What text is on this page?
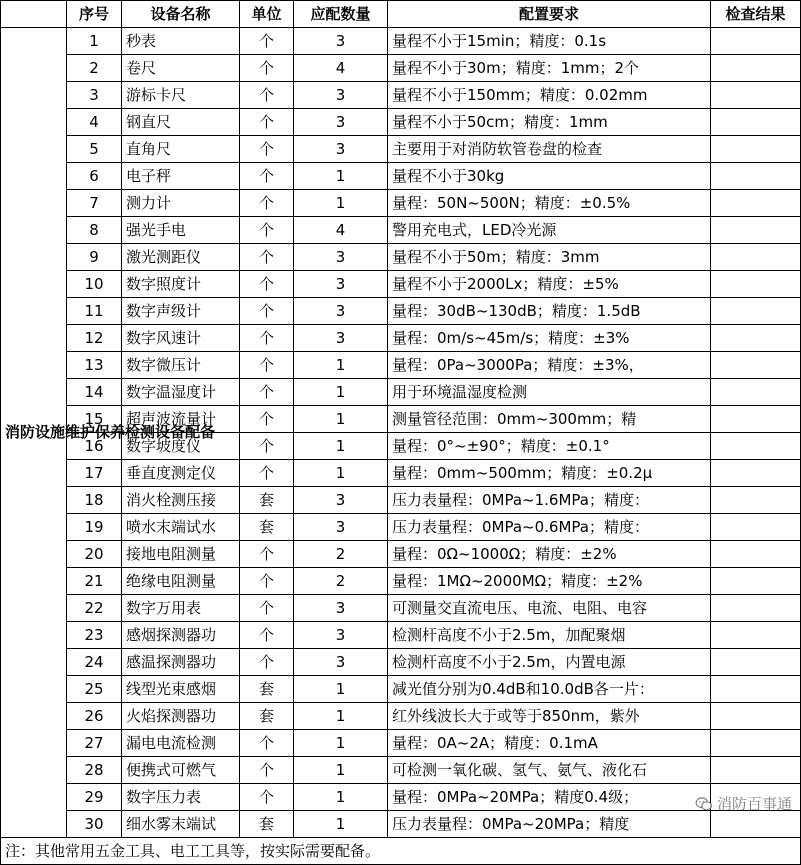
	序号	设备名称	单位	应配数量	配置要求	检查结果
消防设施维护保养检测设备配备	1	秒表	个	3	量程不小于15min；精度：0.1s	
	2	卷尺	个	4	量程不小于30m；精度：1mm；2个	
	3	游标卡尺	个	3	量程不小于150mm；精度：0.02mm	
	4	钢直尺	个	3	量程不小于50cm；精度：1mm	
	5	直角尺	个	3	主要用于对消防软管卷盘的检查	
	6	电子秤	个	1	量程不小于30kg	
	7	测力计	个	1	量程：50N~500N；精度：±0.5%	
	8	强光手电	个	4	警用充电式，LED冷光源	
	9	激光测距仪	个	3	量程不小于50m；精度：3mm	
	10	数字照度计	个	3	量程不小于2000Lx；精度：±5%	
	11	数字声级计	个	3	量程：30dB~130dB；精度：1.5dB	
	12	数字风速计	个	3	量程：0m/s~45m/s；精度：±3%	
	13	数字微压计	个	1	量程：0Pa~3000Pa；精度：±3%，	
	14	数字温湿度计	个	1	用于环境温湿度检测	
	15	超声波流量计	个	1	测量管径范围：0mm~300mm；精	
	16	数字坡度仪	个	1	量程：0°~±90°；精度：±0.1°	
	17	垂直度测定仪	个	1	量程：0mm~500mm；精度：±0.2μ	
	18	消火栓测压接	套	3	压力表量程：0MPa~1.6MPa；精度：	
	19	喷水末端试水	套	3	压力表量程：0MPa~0.6MPa；精度：	
	20	接地电阻测量	个	2	量程：0Ω~1000Ω；精度：±2%	
	21	绝缘电阻测量	个	2	量程：1MΩ~2000MΩ；精度：±2%	
	22	数字万用表	个	3	可测量交直流电压、电流、电阻、电容	
	23	感烟探测器功	个	3	检测杆高度不小于2.5m，加配聚烟	
	24	感温探测器功	个	3	检测杆高度不小于2.5m，内置电源	
	25	线型光束感烟	套	1	减光值分别为0.4dB和10.0dB各一片：	
	26	火焰探测器功	套	1	红外线波长大于或等于850nm，紫外	
	27	漏电电流检测	个	1	量程：0A~2A；精度：0.1mA	
	28	便携式可燃气	个	1	可检测一氧化碳、氢气、氨气、液化石	
	29	数字压力表	个	1	量程：0MPa~20MPa；精度0.4级；	
	30	细水雾末端试	套	1	压力表量程：0MPa~20MPa；精度	
注：其他常用五金工具、电工工具等，按实际需要配备。						
消防百事通
